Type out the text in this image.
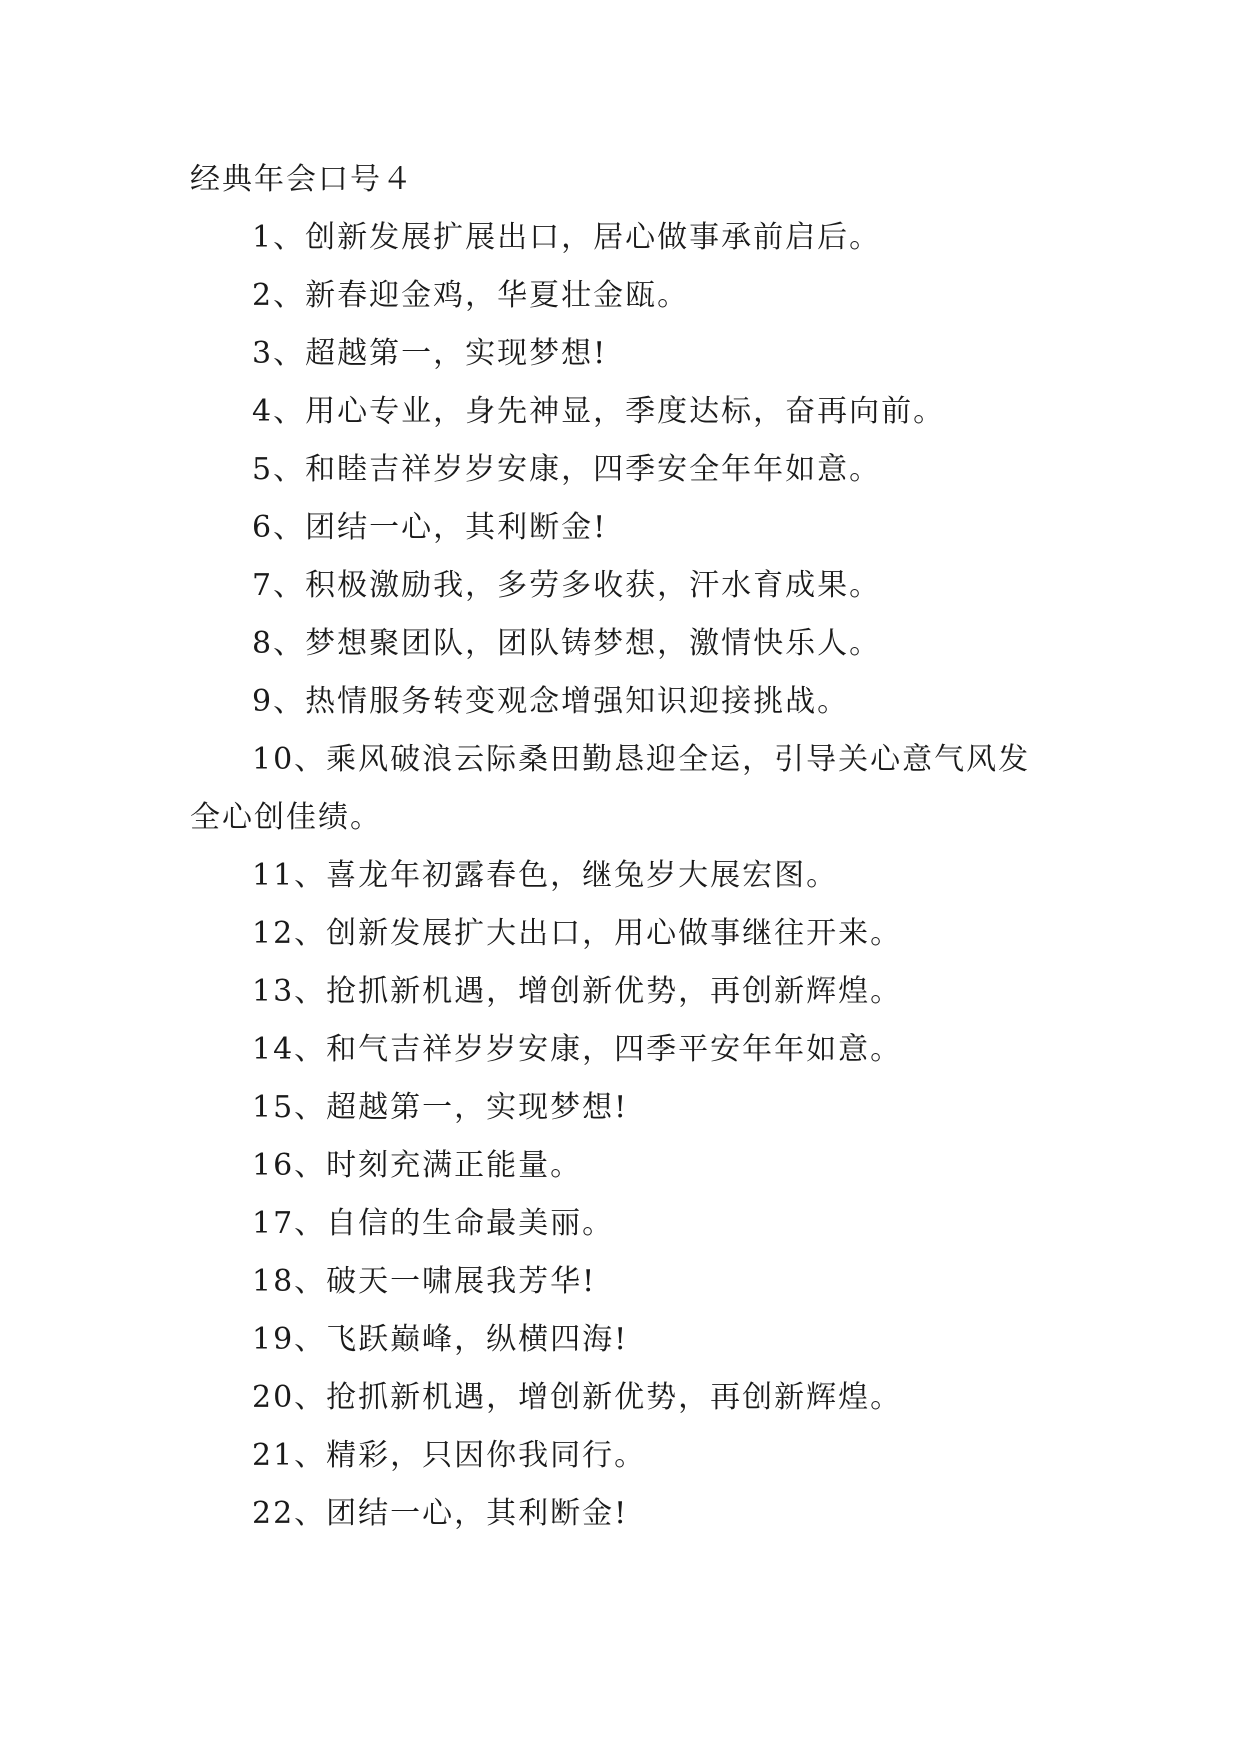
经典年会口号４

1、创新发展扩展出口，居心做事承前启后。

2、新春迎金鸡，华夏壮金瓯。

3、超越第一，实现梦想!

4、用心专业，身先神显，季度达标，奋再向前。

5、和睦吉祥岁岁安康，四季安全年年如意。

6、团结一心，其利断金!

7、积极激励我，多劳多收获，汗水育成果。

8、梦想聚团队，团队铸梦想，激情快乐人。

9、热情服务转变观念增强知识迎接挑战。

10、乘风破浪云际桑田勤恳迎全运，引导关心意气风发全心创佳绩。

11、喜龙年初露春色，继兔岁大展宏图。

12、创新发展扩大出口，用心做事继往开来。

13、抢抓新机遇，增创新优势，再创新辉煌。

14、和气吉祥岁岁安康，四季平安年年如意。

15、超越第一，实现梦想!

16、时刻充满正能量。

17、自信的生命最美丽。

18、破天一啸展我芳华!

19、飞跃巅峰，纵横四海!

20、抢抓新机遇，增创新优势，再创新辉煌。

21、精彩，只因你我同行。

22、团结一心，其利断金!
